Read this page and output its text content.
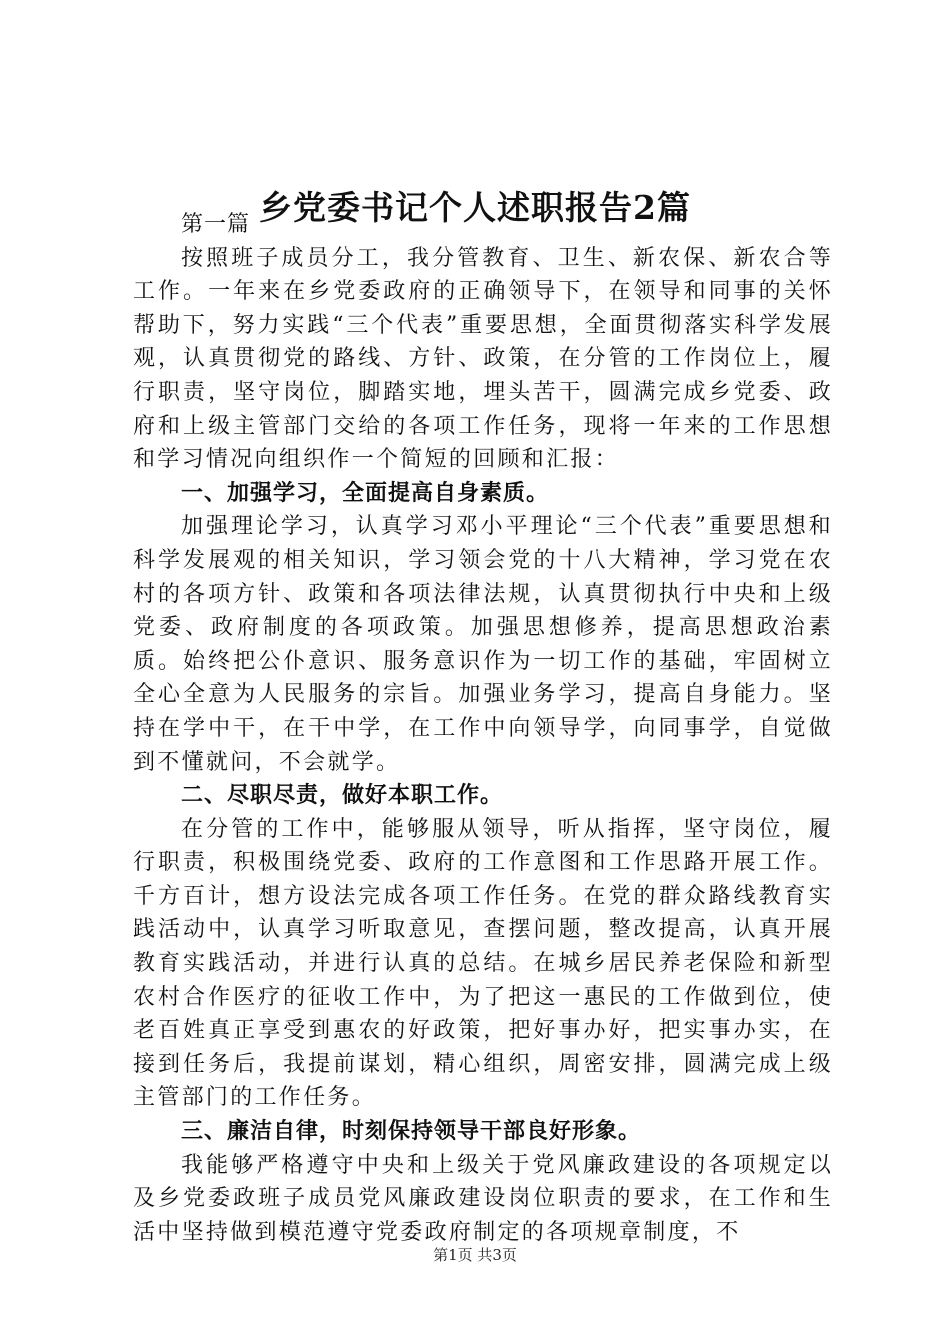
乡党委书记个人述职报告2篇

第一篇

按照班子成员分工，我分管教育、卫生、新农保、新农合等工作。一年来在乡党委政府的正确领导下，在领导和同事的关怀帮助下，努力实践“三个代表”重要思想，全面贯彻落实科学发展观，认真贯彻党的路线、方针、政策，在分管的工作岗位上，履行职责，坚守岗位，脚踏实地，埋头苦干，圆满完成乡党委、政府和上级主管部门交给的各项工作任务，现将一年来的工作思想和学习情况向组织作一个简短的回顾和汇报：

一、加强学习，全面提高自身素质。

加强理论学习，认真学习邓小平理论“三个代表”重要思想和科学发展观的相关知识，学习领会党的十八大精神，学习党在农村的各项方针、政策和各项法律法规，认真贯彻执行中央和上级党委、政府制度的各项政策。加强思想修养，提高思想政治素质。始终把公仆意识、服务意识作为一切工作的基础，牢固树立全心全意为人民服务的宗旨。加强业务学习，提高自身能力。坚持在学中干，在干中学，在工作中向领导学，向同事学，自觉做到不懂就问，不会就学。

二、尽职尽责，做好本职工作。

在分管的工作中，能够服从领导，听从指挥，坚守岗位，履行职责，积极围绕党委、政府的工作意图和工作思路开展工作。千方百计，想方设法完成各项工作任务。在党的群众路线教育实践活动中，认真学习听取意见，查摆问题，整改提高，认真开展教育实践活动，并进行认真的总结。在城乡居民养老保险和新型农村合作医疗的征收工作中，为了把这一惠民的工作做到位，使老百姓真正享受到惠农的好政策，把好事办好，把实事办实，在接到任务后，我提前谋划，精心组织，周密安排，圆满完成上级主管部门的工作任务。

三、廉洁自律，时刻保持领导干部良好形象。

我能够严格遵守中央和上级关于党风廉政建设的各项规定以及乡党委政班子成员党风廉政建设岗位职责的要求，在工作和生活中坚持做到模范遵守党委政府制定的各项规章制度，不

第1页 共3页
